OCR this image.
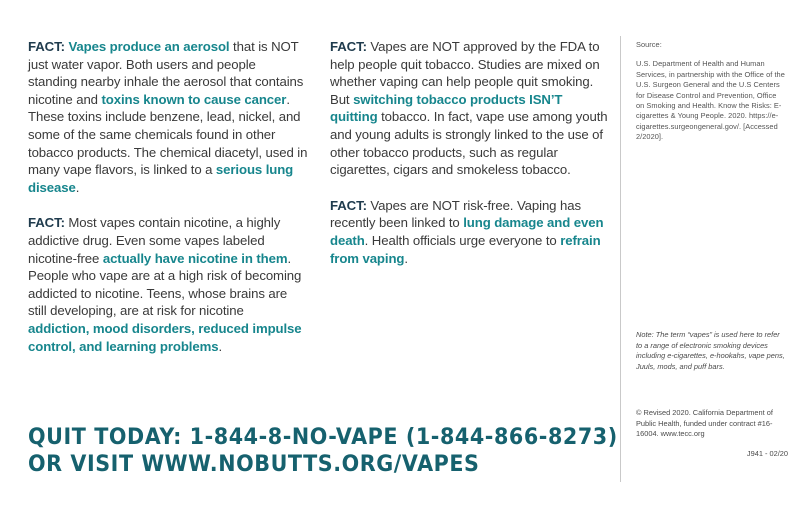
FACT: Vapes produce an aerosol that is NOT just water vapor. Both users and people standing nearby inhale the aerosol that contains nicotine and toxins known to cause cancer. These toxins include benzene, lead, nickel, and some of the same chemicals found in other tobacco products. The chemical diacetyl, used in many vape flavors, is linked to a serious lung disease.

FACT: Most vapes contain nicotine, a highly addictive drug. Even some vapes labeled nicotine-free actually have nicotine in them. People who vape are at a high risk of becoming addicted to nicotine. Teens, whose brains are still developing, are at risk for nicotine addiction, mood disorders, reduced impulse control, and learning problems.

FACT: Vapes are NOT approved by the FDA to help people quit tobacco. Studies are mixed on whether vaping can help people quit smoking. But switching tobacco products ISN’T quitting tobacco. In fact, vape use among youth and young adults is strongly linked to the use of other tobacco products, such as regular cigarettes, cigars and smokeless tobacco.

FACT: Vapes are NOT risk-free. Vaping has recently been linked to lung damage and even death. Health officials urge everyone to refrain from vaping.

QUIT TODAY: 1-844-8-NO-VAPE (1-844-866-8273)
OR VISIT WWW.NOBUTTS.ORG/VAPES
Source:
U.S. Department of Health and Human Services, in partnership with the Office of the U.S. Surgeon General and the U.S Centers for Disease Control and Prevention, Office on Smoking and Health. Know the Risks: E-cigarettes & Young People. 2020. https://e-cigarettes.surgeongeneral.gov/. [Accessed 2/2020].
Note: The term “vapes” is used here to refer to a range of electronic smoking devices including e-cigarettes, e-hookahs, vape pens, Juuls, mods, and puff bars.
© Revised 2020. California Department of Public Health, funded under contract #16-16004. www.tecc.org
J941 - 02/20
